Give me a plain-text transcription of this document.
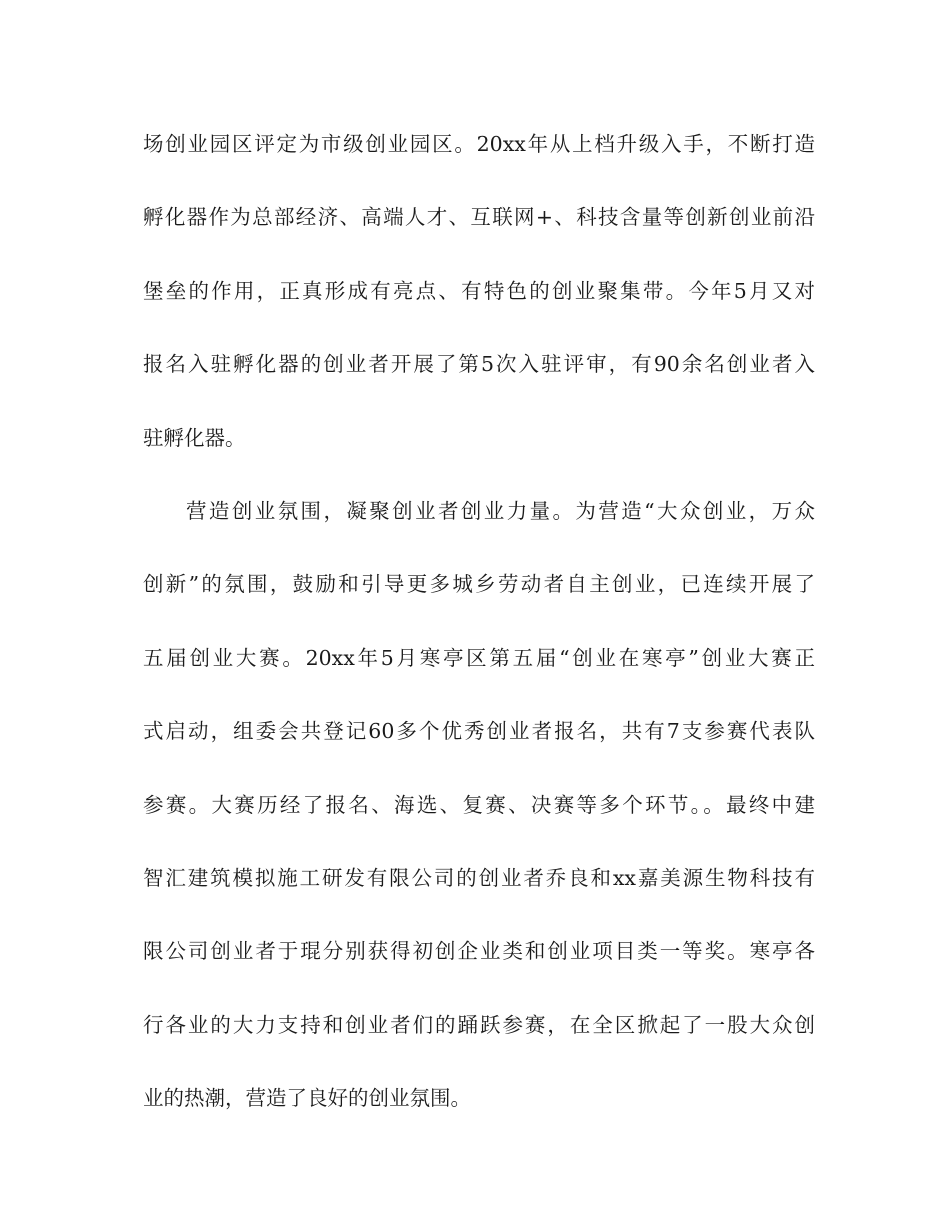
场创业园区评定为市级创业园区。20xx年从上档升级入手，不断打造
孵化器作为总部经济、高端人才、互联网+、科技含量等创新创业前沿
堡垒的作用，正真形成有亮点、有特色的创业聚集带。今年5月又对
报名入驻孵化器的创业者开展了第5次入驻评审，有90余名创业者入
驻孵化器。
营造创业氛围，凝聚创业者创业力量。为营造“大众创业，万众
创新”的氛围，鼓励和引导更多城乡劳动者自主创业，已连续开展了
五届创业大赛。20xx年5月寒亭区第五届“创业在寒亭”创业大赛正
式启动，组委会共登记60多个优秀创业者报名，共有7支参赛代表队
参赛。大赛历经了报名、海选、复赛、决赛等多个环节。。最终中建
智汇建筑模拟施工研发有限公司的创业者乔良和xx嘉美源生物科技有
限公司创业者于琨分别获得初创企业类和创业项目类一等奖。寒亭各
行各业的大力支持和创业者们的踊跃参赛，在全区掀起了一股大众创
业的热潮，营造了良好的创业氛围。
